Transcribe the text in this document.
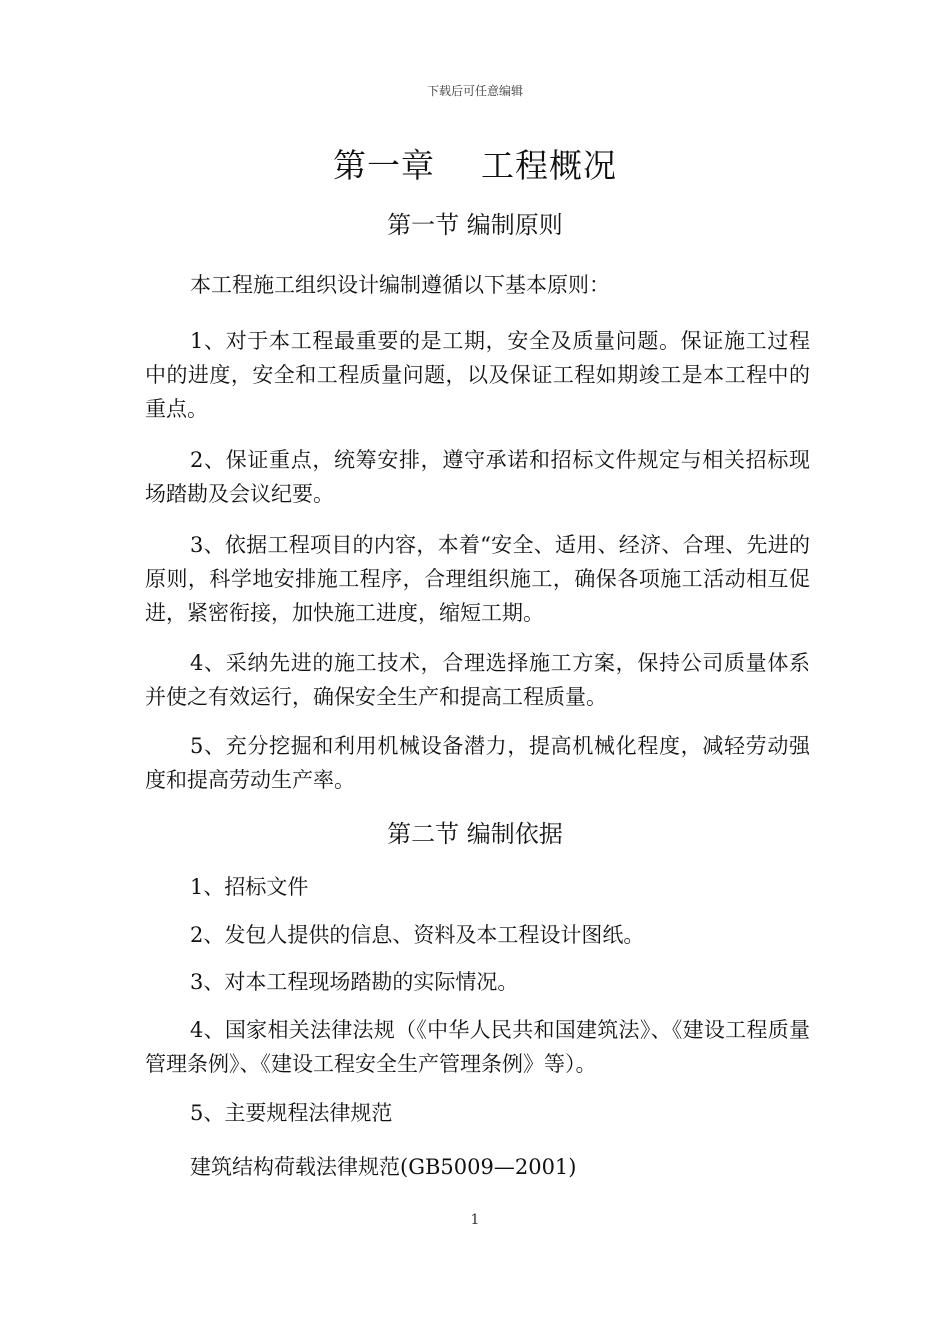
下载后可任意编辑
第一章    工程概况
第一节 编制原则
本工程施工组织设计编制遵循以下基本原则：
1、对于本工程最重要的是工期，安全及质量问题。保证施工过程中的进度，安全和工程质量问题，以及保证工程如期竣工是本工程中的重点。
2、保证重点，统筹安排，遵守承诺和招标文件规定与相关招标现场踏勘及会议纪要。
3、依据工程项目的内容，本着“安全、适用、经济、合理、先进的原则，科学地安排施工程序，合理组织施工，确保各项施工活动相互促进，紧密衔接，加快施工进度，缩短工期。
4、采纳先进的施工技术，合理选择施工方案，保持公司质量体系并使之有效运行，确保安全生产和提高工程质量。
5、充分挖掘和利用机械设备潜力，提高机械化程度，减轻劳动强度和提高劳动生产率。
第二节 编制依据
1、招标文件
2、发包人提供的信息、资料及本工程设计图纸。
3、对本工程现场踏勘的实际情况。
4、国家相关法律法规（《中华人民共和国建筑法》、《建设工程质量管理条例》、《建设工程安全生产管理条例》等）。
5、主要规程法律规范
建筑结构荷载法律规范(GB5009—2001)
1
